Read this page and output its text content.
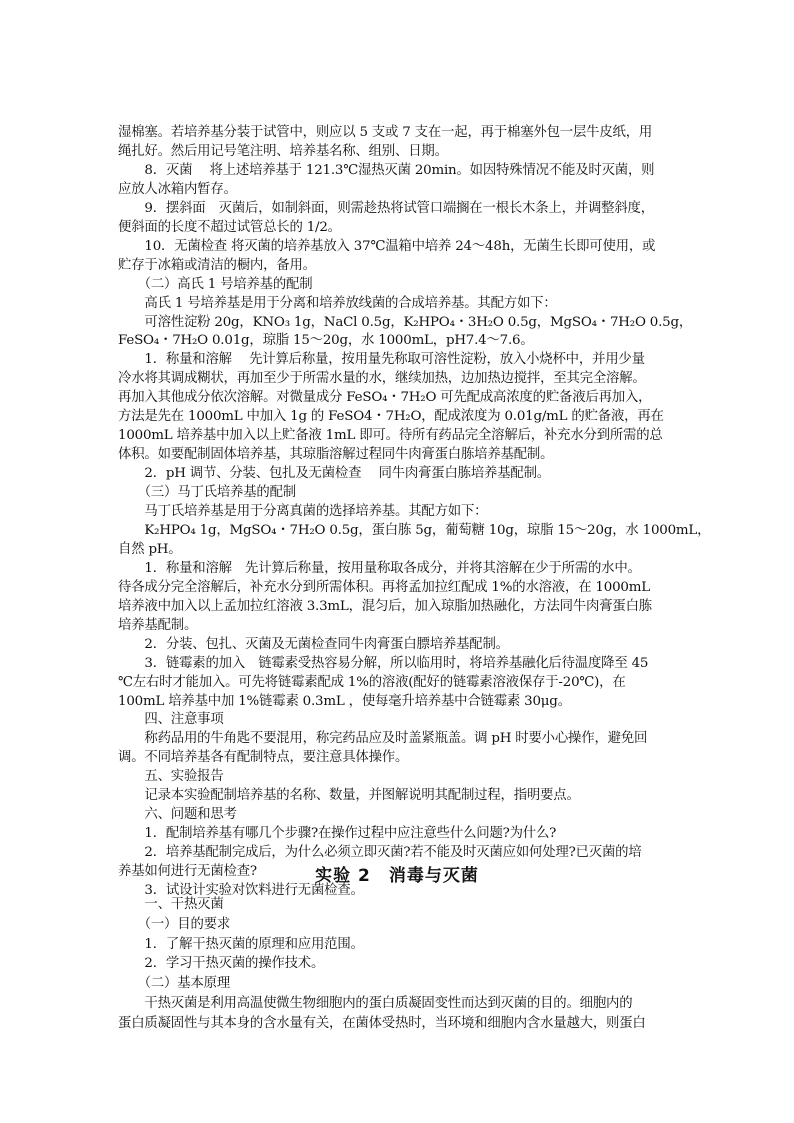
湿棉塞。若培养基分装于试管中，则应以 5 支或 7 支在一起，再于棉塞外包一层牛皮纸，用
绳扎好。然后用记号笔注明、培养基名称、组别、日期。
　　8．灭菌　 将上述培养基于 121.3℃湿热灭菌 20min。如因特殊情况不能及时灭菌，则
应放人冰箱内暂存。
　　9．摆斜面　灭菌后，如制斜面，则需趁热将试管口端搁在一根长木条上，并调整斜度，
便斜面的长度不超过试管总长的 1/2。
　　10．无菌检查 将灭菌的培养基放入 37℃温箱中培养 24～48h，无菌生长即可使用，或
贮存于冰箱或清洁的橱内，备用。
　　（二）高氏 1 号培养基的配制
　　高氏 1 号培养基是用于分离和培养放线菌的合成培养基。其配方如下：
　　可溶性淀粉 20g，KNO₃ 1g，NaCl 0.5g，K₂HPO₄・3H₂O 0.5g，MgSO₄・7H₂O 0.5g，
FeSO₄・7H₂O 0.01g，琼脂 15～20g，水 1000mL，pH7.4～7.6。
　　1．称量和溶解　 先计算后称量，按用量先称取可溶性淀粉，放入小烧杯中，并用少量
冷水将其调成糊状，再加至少于所需水量的水，继续加热，边加热边搅拌，至其完全溶解。
再加入其他成分依次溶解。对微量成分 FeSO₄・7H₂O 可先配成高浓度的贮备液后再加入，
方法是先在 1000mL 中加入 1g 的 FeSO4・7H₂O，配成浓度为 0.01g/mL 的贮备液，再在
1000mL 培养基中加入以上贮备液 1mL 即可。待所有药品完全溶解后，补充水分到所需的总
体积。如要配制固体培养基，其琼脂溶解过程同牛肉膏蛋白胨培养基配制。
　　2．pH 调节、分装、包扎及无菌检查　 同牛肉膏蛋白胨培养基配制。
　　（三）马丁氏培养基的配制
　　马丁氏培养基是用于分离真菌的选择培养基。其配方如下：
　　K₂HPO₄ 1g，MgSO₄・7H₂O 0.5g，蛋白胨 5g，葡萄糖 10g，琼脂 15～20g，水 1000mL，
自然 pH。
　　1．称量和溶解　先计算后称量，按用量称取各成分，并将其溶解在少于所需的水中。
待各成分完全溶解后，补充水分到所需体积。再将孟加拉红配成 1%的水溶液，在 1000mL
培养液中加入以上孟加拉红溶液 3.3mL，混匀后，加入琼脂加热融化，方法同牛肉膏蛋白胨
培养基配制。
　　2．分装、包扎、灭菌及无菌检查同牛肉膏蛋白膘培养基配制。
　　3．链霉素的加入　链霉素受热容易分解，所以临用时，将培养基融化后待温度降至 45
℃左右时才能加入。可先将链霉素配成 1%的溶液(配好的链霉素溶液保存于-20℃)，在
100mL 培养基中加 1%链霉素 0.3mL ，使每毫升培养基中合链霉素 30μg。
　　四、注意事项
　　称药品用的牛角匙不要混用，称完药品应及时盖紧瓶盖。调 pH 时要小心操作，避免回
调。不同培养基各有配制特点，要注意具体操作。
　　五、实验报告
　　记录本实验配制培养基的名称、数量，并图解说明其配制过程，指明要点。
　　六、问题和思考
　　1．配制培养基有哪几个步骤?在操作过程中应注意些什么问题?为什么?
　　2．培养基配制完成后，为什么必须立即灭菌?若不能及时灭菌应如何处理?已灭菌的培
养基如何进行无菌检查?
　　3．试设计实验对饮料进行无菌检查。
实验 2　消毒与灭菌
　　一、干热灭菌
　　（一）目的要求
　　1．了解干热灭菌的原理和应用范围。
　　2．学习干热灭菌的操作技术。
　　（二）基本原理
　　干热灭菌是利用高温使微生物细胞内的蛋白质凝固变性而达到灭菌的目的。细胞内的
蛋白质凝固性与其本身的含水量有关，在菌体受热时，当环境和细胞内含水量越大，则蛋白
